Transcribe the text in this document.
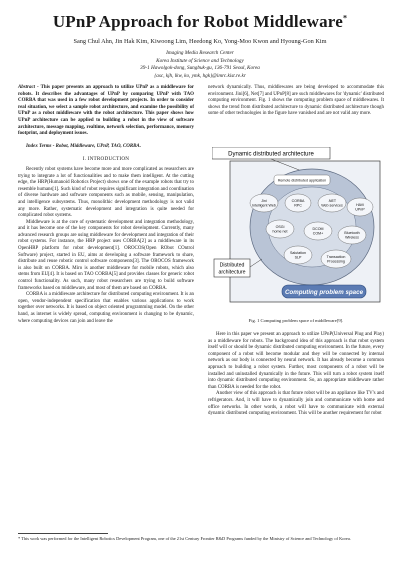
UPnP Approach for Robot Middleware*
Sang Chul Ahn, Jin Hak Kim, Kiwoong Lim, Heedong Ko, Yong-Moo Kwon and Hyoung-Gon Kim
Imaging Media Research Center
Korea Institute of Science and Technology
39-1 Hawolgok-dong, Sungbuk-gu, 136-791 Seoul, Korea
{asc, kjh, lkw, ko, ymk, hgk}@imrc.kist.re.kr

Abstract - This paper presents an approach to utilize UPnP as a middleware for robots. It describes the advantages of UPnP by comparing UPnP with TAO CORBA that was used in a few robot development projects. In order to consider real situation, we select a sample robot architecture, and examine the possibility of UPnP as a robot middleware with the robot architecture. This paper shows how UPnP architecture can be applied to building a robot in the view of software architecture, message mapping, realtime, network selection, performance, memory footprint, and deployment issues.

Index Terms - Robot, Middleware, UPnP, TAO, CORBA.

I. INTRODUCTION

Recently robot systems have become more and more complicated as researchers are trying to integrate a lot of functionalities and to make them intelligent. At the cutting edge, the HRP(Humanoid Robotics Project) shows one of the example robots that try to resemble humans[1]. Such kind of robot requires significant integration and coordination of diverse hardware and software components such as mobile, sensing, manipulation, and intelligence subsystems. Thus, monolithic development methodology is not valid any more. Rather, systematic development and integration is quite needed for complicated robot systems.

Middleware is at the core of systematic development and integration methodology, and it has become one of the key components for robot development. Currently, many advanced research groups are using middleware for development and integration of their robot systems. For instance, the HRP project uses CORBA[2] as a middleware in its OpenHRP platform for robot development[1]. OROCOS(Open RObot COntrol Software) project, started in EU, aims at developing a software framework to share, distribute and reuse robotic control software components[3]. The OROCOS framework is also built on CORBA. Miro is another middleware for mobile robots, which also stems from EU[4]. It is based on TAO CORBA[5] and provides classes for generic robot control functionality. As such, many robot researchers are trying to build software frameworks based on middleware, and most of them are based on CORBA.

CORBA is a middleware architecture for distributed computing environment. It is an open, vendor-independent specification that enables various applications to work together over networks. It is based on object oriented programming model. On the other hand, as internet is widely spread, computing environment is changing to be dynamic, where computing devices can join and leave the

network dynamically. Thus, middlewares are being developed to accommodate this environment. Jini[6], Net[7] and UPnP[8] are such middlewares for 'dynamic' distributed computing environment. Fig. 1 shows the computing problem space of middlewares. It shows the trend from distributed architecture to dynamic distributed architecture though some of other technologies in the figure have vanished and are not valid any more.

Dynamic distributed architecture
Remote distributed application
Jini
Intelligent Web
CORBA
RPC
.NET
Web services	HAVi
UPnP
OSGi
home net
DCOM
COM+	Bluetooth
Wireless
Salutation
SLP	Transaction
Processing
Distributed
architecture
Computing problem space
Fig. 1 Computing problem space of middleware[9].

Here in this paper we present an approach to utilize UPnP(Universal Plug and Play) as a middleware for robots. The background idea of this approach is that robot system itself will or should be dynamic distributed computing environment. In the future, every component of a robot will become modular and they will be connected by internal network as our body is connected by neural network. It has already become a common approach to building a robot system. Further, most components of a robot will be installed and uninstalled dynamically in the future. This will turn a robot system itself into dynamic distributed computing environment. So, an appropriate middleware rather than CORBA is needed for the robot.

Another view of this approach is that future robot will be an appliance like TV's and refrigerators. And, it will have to dynamically join and communicate with home and office networks. In other words, a robot will have to communicate with external dynamic distributed computing environment. This will be another requirement for robot

* This work was performed for the Intelligent Robotics Development Program, one of the 21st Century Frontier R&D Programs funded by the Ministry of Science and Technology of Korea.
